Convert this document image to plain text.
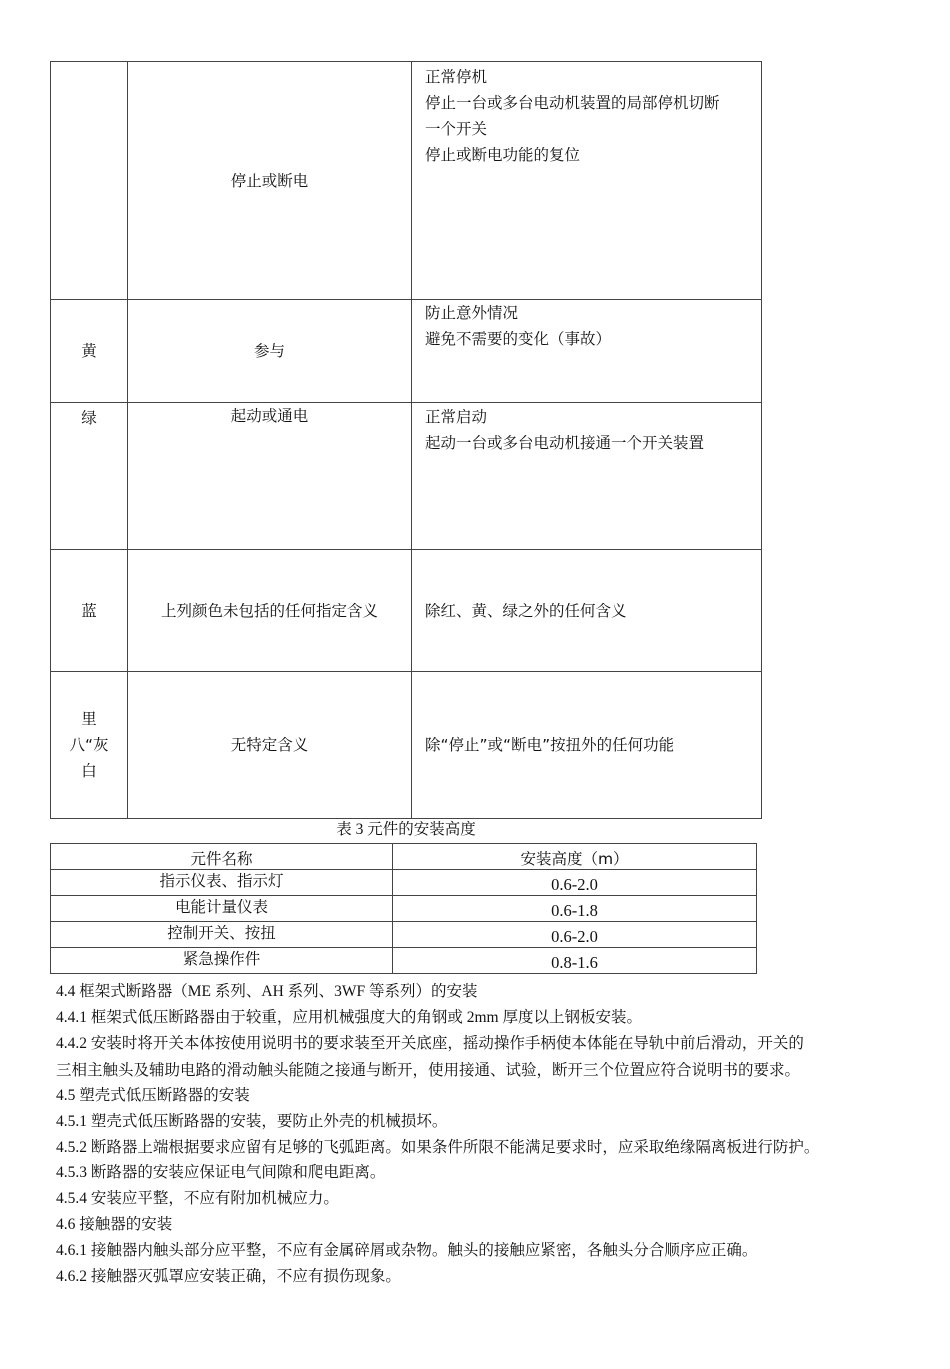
	停止或断电	正常停机
停止一台或多台电动机装置的局部停机切断
一个开关
停止或断电功能的复位

黄	参与	防止意外情况
避免不需要的变化（事故）

绿	起动或通电	正常启动
起动一台或多台电动机接通一个开关装置

蓝	上列颜色未包括的任何指定含义	除红、黄、绿之外的任何含义

里
八“灰
白	无特定含义	除“停止”或“断电”按扭外的任何功能
表 3 元件的安装高度
元件名称	安装高度（m）
指示仪表、指示灯	0.6-2.0
电能计量仪表	0.6-1.8
控制开关、按扭	0.6-2.0
紧急操作件	0.8-1.6
4.4 框架式断路器（ME 系列、AH 系列、3WF 等系列）的安装
4.4.1 框架式低压断路器由于较重，应用机械强度大的角钢或 2mm 厚度以上钢板安装。
4.4.2 安装时将开关本体按使用说明书的要求装至开关底座，摇动操作手柄使本体能在导轨中前后滑动，开关的
三相主触头及辅助电路的滑动触头能随之接通与断开，使用接通、试验，断开三个位置应符合说明书的要求。
4.5 塑壳式低压断路器的安装
4.5.1 塑壳式低压断路器的安装，要防止外壳的机械损坏。
4.5.2 断路器上端根据要求应留有足够的飞弧距离。如果条件所限不能满足要求时，应采取绝缘隔离板进行防护。
4.5.3 断路器的安装应保证电气间隙和爬电距离。
4.5.4 安装应平整，不应有附加机械应力。
4.6 接触器的安装
4.6.1 接触器内触头部分应平整，不应有金属碎屑或杂物。触头的接触应紧密，各触头分合顺序应正确。
4.6.2 接触器灭弧罩应安装正确，不应有损伤现象。
